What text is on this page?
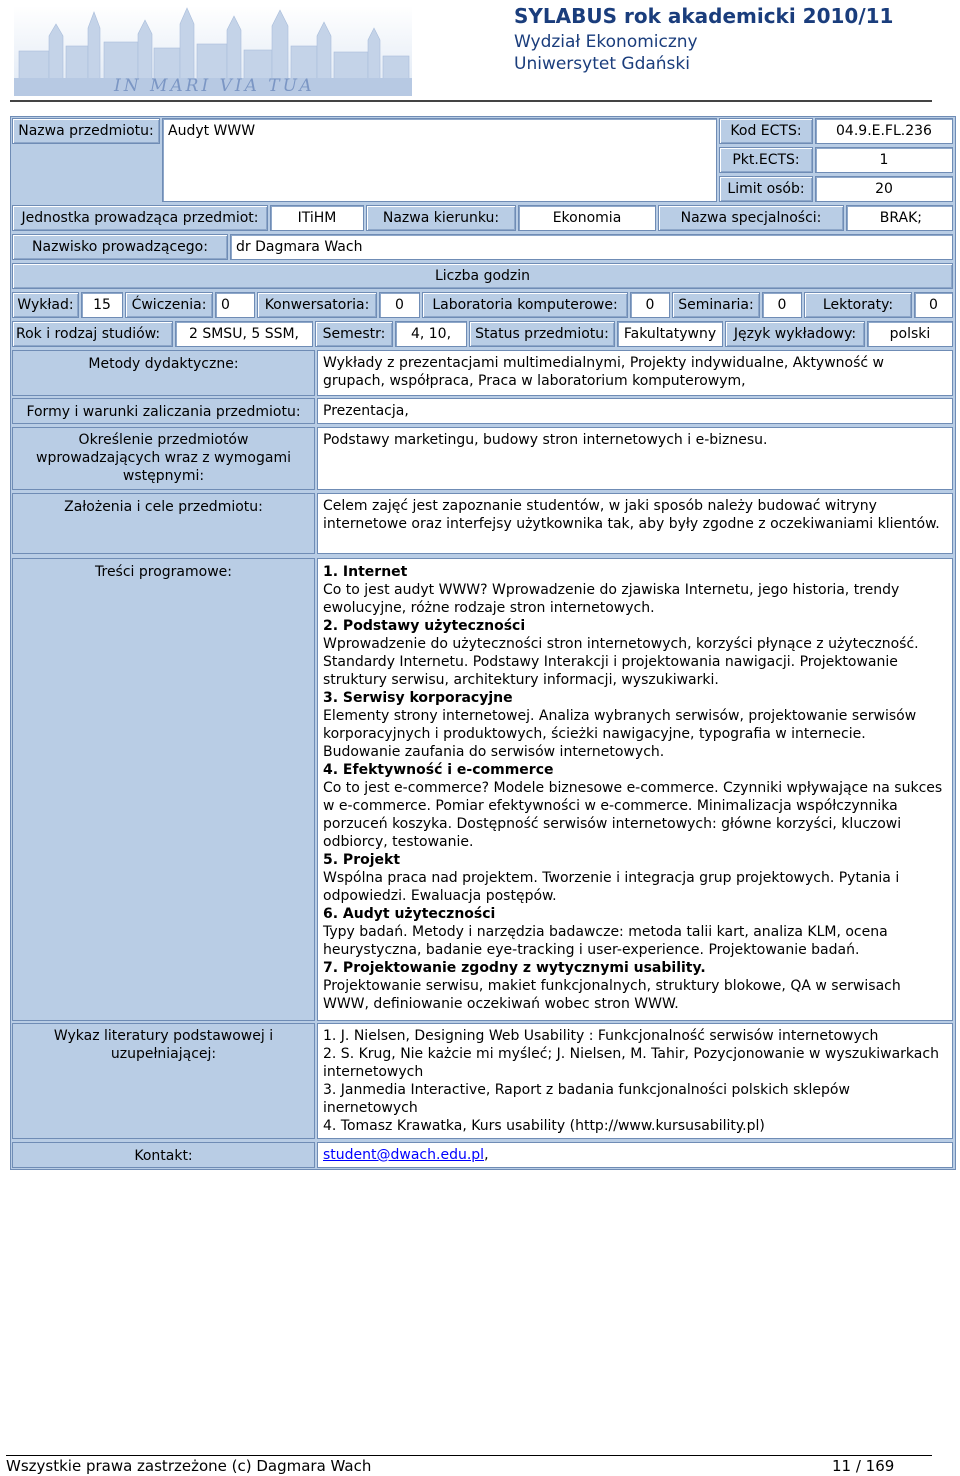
IN MARI VIA TUA
SYLABUS rok akademicki 2010/11
Wydział Ekonomiczny
Uniwersytet Gdański
Nazwa przedmiotu:	Audyt WWW	Kod ECTS:	04.9.E.FL.236
Pkt.ECTS:	1
Limit osób:	20
Jednostka prowadząca przedmiot:	ITiHM	Nazwa kierunku:	Ekonomia	Nazwa specjalności:	BRAK;
Nazwisko prowadzącego:	dr Dagmara Wach
Liczba godzin
Wykład:	15	Ćwiczenia:	0	Konwersatoria:	0	Laboratoria komputerowe:	0	Seminaria:	0	Lektoraty:	0
Rok i rodzaj studiów:	2 SMSU, 5 SSM,	Semestr:	4, 10,	Status przedmiotu:	Fakultatywny	Język wykładowy:	polski
Metody dydaktyczne:	Wykłady z prezentacjami multimedialnymi, Projekty indywidualne, Aktywność w grupach, współpraca, Praca w laboratorium komputerowym,
Formy i warunki zaliczania przedmiotu:	Prezentacja,
Określenie przedmiotów wprowadzających wraz z wymogami wstępnymi:
Podstawy marketingu, budowy stron internetowych i e-biznesu.
Założenia i cele przedmiotu:	Celem zajęć jest zapoznanie studentów, w jaki sposób należy budować witryny internetowe oraz interfejsy użytkownika tak, aby były zgodne z oczekiwaniami klientów.
Treści programowe:	1. Internet

Co to jest audyt WWW? Wprowadzenie do zjawiska Internetu, jego historia, trendy ewolucyjne, różne rodzaje stron internetowych.

2. Podstawy użyteczności

Wprowadzenie do użyteczności stron internetowych, korzyści płynące z użyteczność. Standardy Internetu. Podstawy Interakcji i projektowania nawigacji. Projektowanie struktury serwisu, architektury informacji, wyszukiwarki.

3. Serwisy korporacyjne

Elementy strony internetowej. Analiza wybranych serwisów, projektowanie serwisów korporacyjnych i produktowych, ścieżki nawigacyjne, typografia w internecie. Budowanie zaufania do serwisów internetowych.

4. Efektywność i e-commerce

Co to jest e-commerce? Modele biznesowe e-commerce. Czynniki wpływające na sukces w e-commerce. Pomiar efektywności w e-commerce. Minimalizacja współczynnika porzuceń koszyka. Dostępność serwisów internetowych: główne korzyści, kluczowi odbiorcy, testowanie.

5. Projekt

Wspólna praca nad projektem. Tworzenie i integracja grup projektowych. Pytania i odpowiedzi. Ewaluacja postępów.

6. Audyt użyteczności

Typy badań. Metody i narzędzia badawcze: metoda talii kart, analiza KLM, ocena heurystyczna, badanie eye-tracking i user-experience. Projektowanie badań.

7. Projektowanie zgodny z wytycznymi usability.

Projektowanie serwisu, makiet funkcjonalnych, struktury blokowe, QA w serwisach WWW, definiowanie oczekiwań wobec stron WWW.

Wykaz literatury podstawowej i uzupełniającej:

1. J. Nielsen, Designing Web Usability : Funkcjonalność serwisów internetowych

2. S. Krug, Nie każcie mi myśleć; J. Nielsen, M. Tahir, Pozycjonowanie w wyszukiwarkach internetowych

3. Janmedia Interactive, Raport z badania funkcjonalności polskich sklepów inernetowych

4. Tomasz Krawatka, Kurs usability (http://www.kursusability.pl)

Kontakt:	student@dwach.edu.pl,
Wszystkie prawa zastrzeżone (c) Dagmara Wach	11 / 169
